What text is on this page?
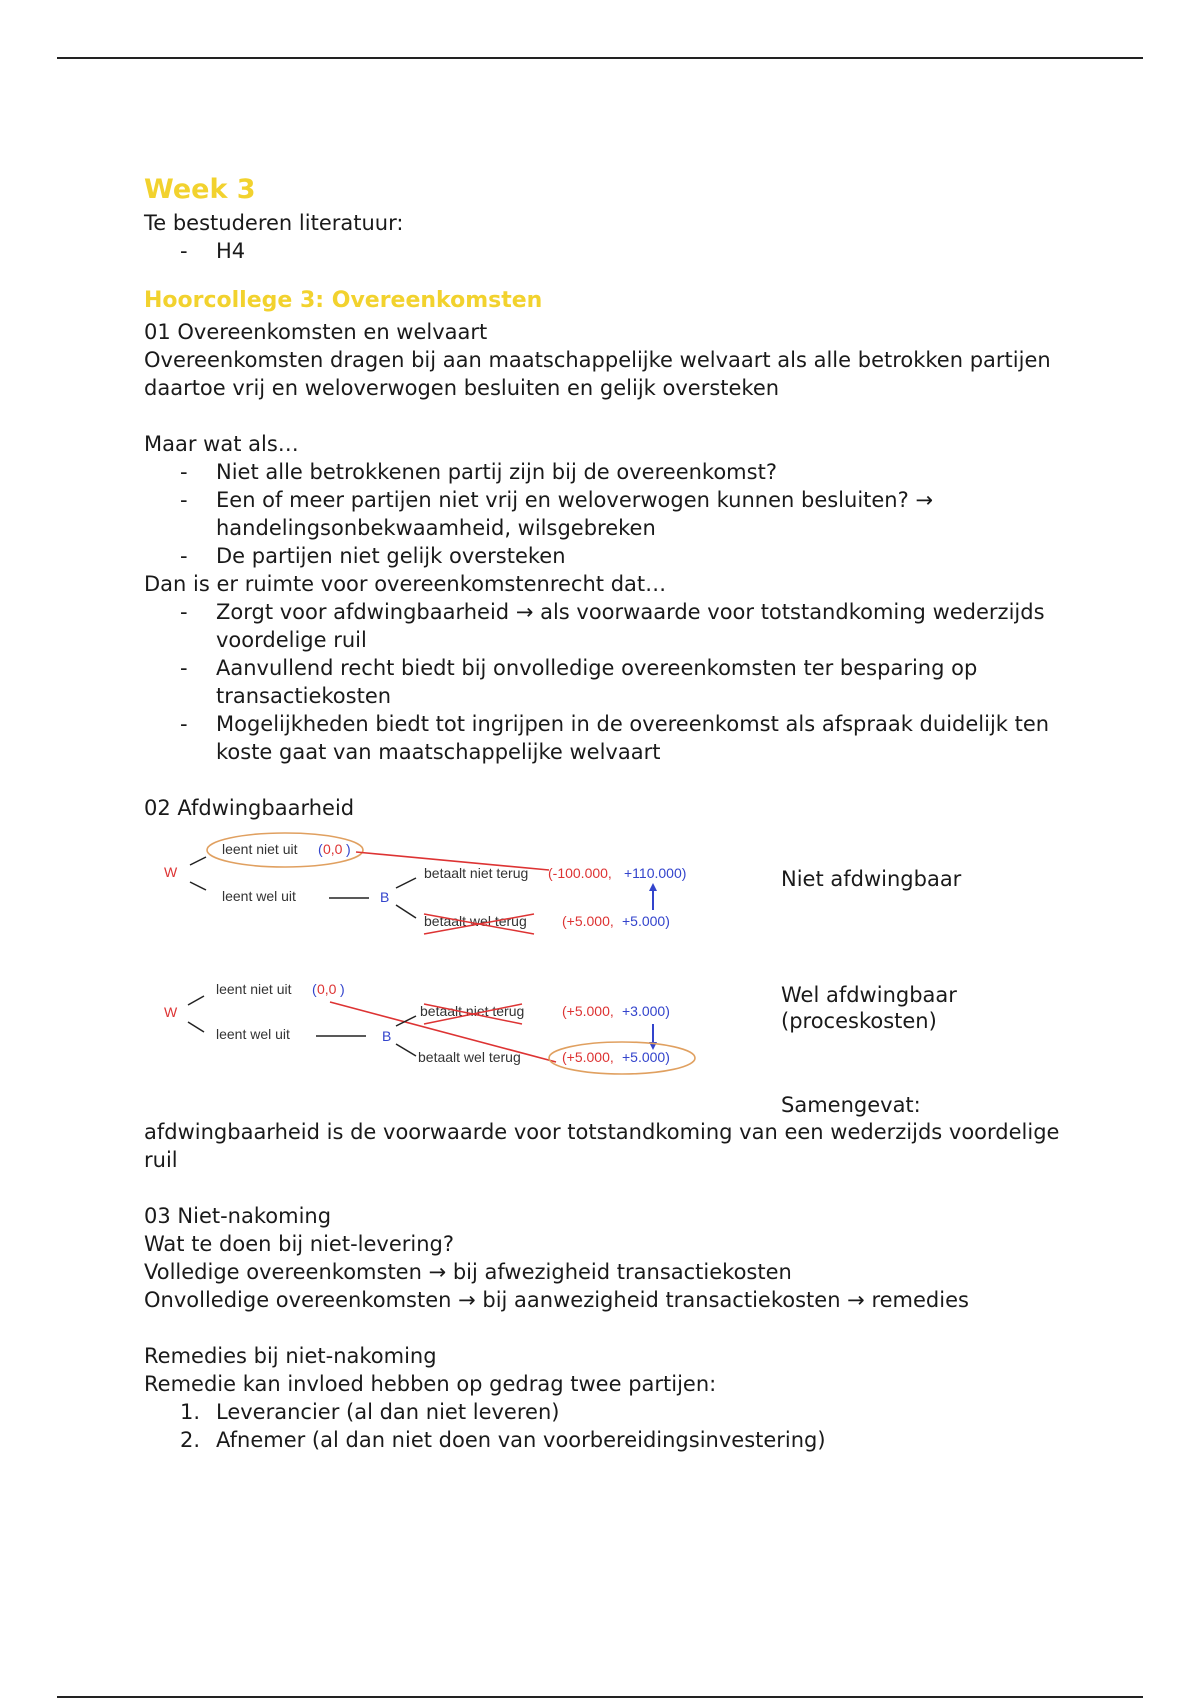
Week 3

Te bestuderen literatuur:

- H4
Hoorcollege 3: Overeenkomsten

01 Overeenkomsten en welvaart

Overeenkomsten dragen bij aan maatschappelijke welvaart als alle betrokken partijen daartoe vrij en weloverwogen besluiten en gelijk oversteken

Maar wat als…

- Niet alle betrokkenen partij zijn bij de overeenkomst?
- Een of meer partijen niet vrij en weloverwogen kunnen besluiten? → handelingsonbekwaamheid, wilsgebreken
- De partijen niet gelijk oversteken

Dan is er ruimte voor overeenkomstenrecht dat…

- Zorgt voor afdwingbaarheid → als voorwaarde voor totstandkoming wederzijds voordelige ruil
- Aanvullend recht biedt bij onvolledige overeenkomsten ter besparing op transactiekosten
- Mogelijkheden biedt tot ingrijpen in de overeenkomst als afspraak duidelijk ten koste gaat van maatschappelijke welvaart

02 Afdwingbaarheid

W
leent niet uit ( 0,0 )
leent wel uit	B
betaalt niet terug (-100.000, +110.000)
betaalt wel terug	(+5.000, +5.000)
W
leent niet uit ( 0,0 )
leent wel uit	B
betaalt niet terug	(+5.000, +3.000)
betaalt wel terug	(+5.000, +5.000)
Niet afdwingbaar
Wel afdwingbaar (proceskosten)
Samengevat:

afdwingbaarheid is de voorwaarde voor totstandkoming van een wederzijds voordelige ruil

03 Niet-nakoming

Wat te doen bij niet-levering?

Volledige overeenkomsten → bij afwezigheid transactiekosten

Onvolledige overeenkomsten → bij aanwezigheid transactiekosten → remedies

Remedies bij niet-nakoming

Remedie kan invloed hebben op gedrag twee partijen:

1. Leverancier (al dan niet leveren)
2. Afnemer (al dan niet doen van voorbereidingsinvestering)
